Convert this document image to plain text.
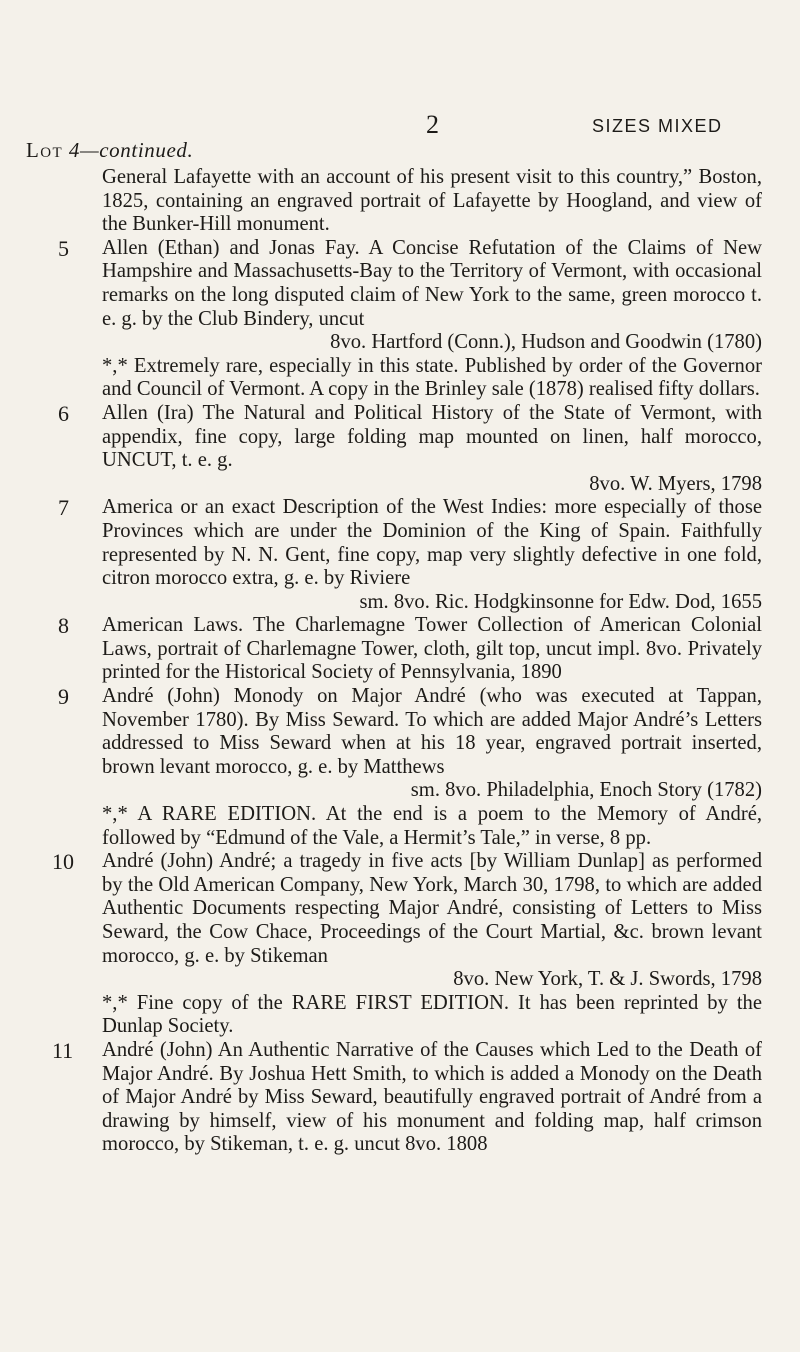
2	SIZES MIXED
Lot 4—continued.
General Lafayette with an account of his present visit to this country,” Boston, 1825, containing an engraved portrait of Lafayette by Hoogland, and view of the Bunker-Hill monument.
5	Allen (Ethan) and Jonas Fay. A Concise Refutation of the Claims of New Hampshire and Massachusetts-Bay to the Territory of Vermont, with occasional remarks on the long disputed claim of New York to the same, green morocco t. e. g. by the Club Bindery, uncut
8vo. Hartford (Conn.), Hudson and Goodwin (1780)
*,* Extremely rare, especially in this state. Published by order of the Governor and Council of Vermont. A copy in the Brinley sale (1878) realised fifty dollars.
6	Allen (Ira) The Natural and Political History of the State of Vermont, with appendix, fine copy, large folding map mounted on linen, half morocco, UNCUT, t. e. g.
8vo. W. Myers, 1798
7	America or an exact Description of the West Indies: more especially of those Provinces which are under the Dominion of the King of Spain. Faithfully represented by N. N. Gent, fine copy, map very slightly defective in one fold, citron morocco extra, g. e. by Riviere
sm. 8vo. Ric. Hodgkinsonne for Edw. Dod, 1655
8	American Laws. The Charlemagne Tower Collection of American Colonial Laws, portrait of Charlemagne Tower, cloth, gilt top, uncut impl. 8vo. Privately printed for the Historical Society of Pennsylvania, 1890
9	André (John) Monody on Major André (who was executed at Tappan, November 1780). By Miss Seward. To which are added Major André’s Letters addressed to Miss Seward when at his 18 year, engraved portrait inserted, brown levant morocco, g. e. by Matthews
sm. 8vo. Philadelphia, Enoch Story (1782)
*,* A RARE EDITION. At the end is a poem to the Memory of André, followed by “Edmund of the Vale, a Hermit’s Tale,” in verse, 8 pp.
10	André (John) André; a tragedy in five acts [by William Dunlap] as performed by the Old American Company, New York, March 30, 1798, to which are added Authentic Documents respecting Major André, consisting of Letters to Miss Seward, the Cow Chace, Proceedings of the Court Martial, &c. brown levant morocco, g. e. by Stikeman
8vo. New York, T. & J. Swords, 1798
*,* Fine copy of the RARE FIRST EDITION. It has been reprinted by the Dunlap Society.
11	André (John) An Authentic Narrative of the Causes which Led to the Death of Major André. By Joshua Hett Smith, to which is added a Monody on the Death of Major André by Miss Seward, beautifully engraved portrait of André from a drawing by himself, view of his monument and folding map, half crimson morocco, by Stikeman, t. e. g. uncut 8vo. 1808
